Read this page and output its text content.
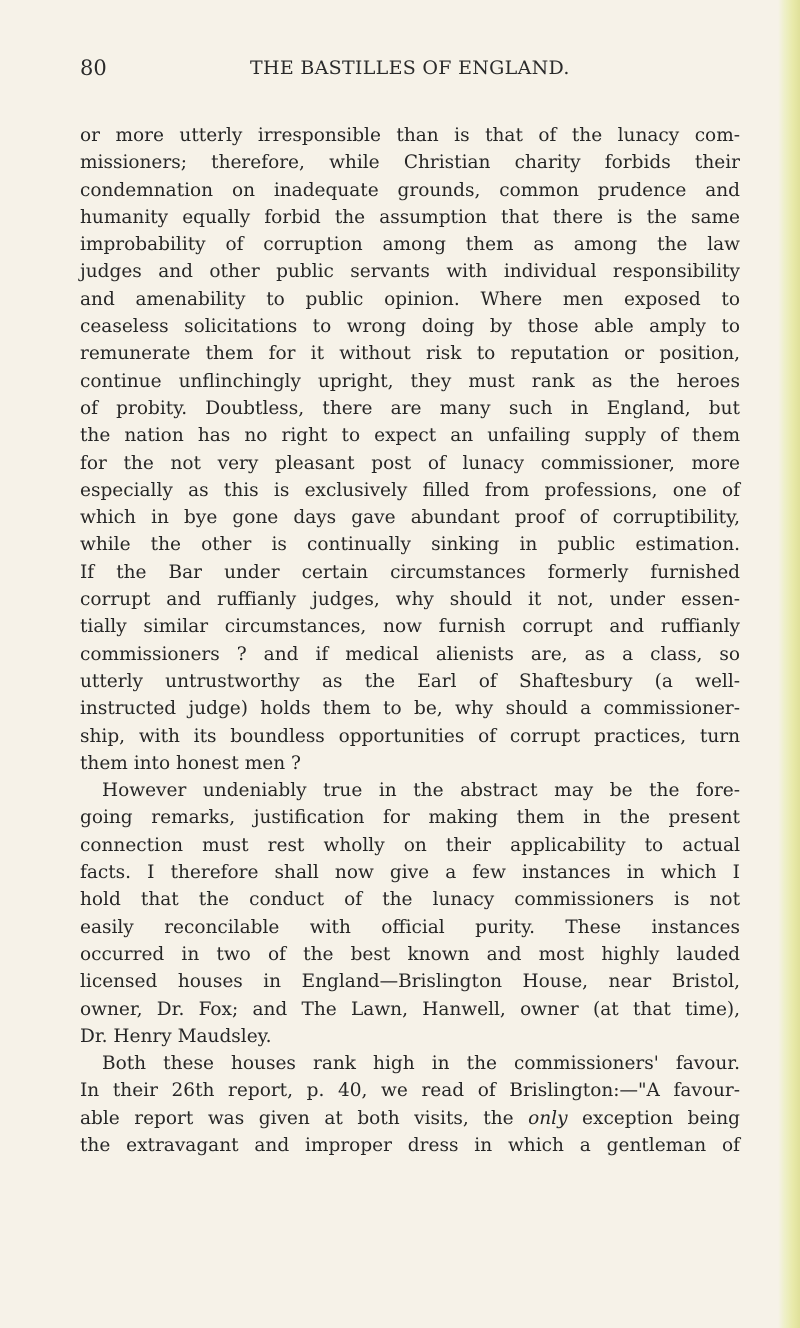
80	THE BASTILLES OF ENGLAND.
or more utterly irresponsible than is that of the lunacy com-
missioners; therefore, while Christian charity forbids their
condemnation on inadequate grounds, common prudence and
humanity equally forbid the assumption that there is the same
improbability of corruption among them as among the law
judges and other public servants with individual responsibility
and amenability to public opinion. Where men exposed to
ceaseless solicitations to wrong doing by those able amply to
remunerate them for it without risk to reputation or position,
continue unflinchingly upright, they must rank as the heroes
of probity. Doubtless, there are many such in England, but
the nation has no right to expect an unfailing supply of them
for the not very pleasant post of lunacy commissioner, more
especially as this is exclusively filled from professions, one of
which in bye gone days gave abundant proof of corruptibility,
while the other is continually sinking in public estimation.
If the Bar under certain circumstances formerly furnished
corrupt and ruffianly judges, why should it not, under essen-
tially similar circumstances, now furnish corrupt and ruffianly
commissioners ? and if medical alienists are, as a class, so
utterly untrustworthy as the Earl of Shaftesbury (a well-
instructed judge) holds them to be, why should a commissioner-
ship, with its boundless opportunities of corrupt practices, turn
them into honest men ?
However undeniably true in the abstract may be the fore-
going remarks, justification for making them in the present
connection must rest wholly on their applicability to actual
facts. I therefore shall now give a few instances in which I
hold that the conduct of the lunacy commissioners is not
easily reconcilable with official purity. These instances
occurred in two of the best known and most highly lauded
licensed houses in England—Brislington House, near Bristol,
owner, Dr. Fox; and The Lawn, Hanwell, owner (at that time),
Dr. Henry Maudsley.
Both these houses rank high in the commissioners' favour.
In their 26th report, p. 40, we read of Brislington:—"A favour-
able report was given at both visits, the only exception being
the extravagant and improper dress in which a gentleman of
